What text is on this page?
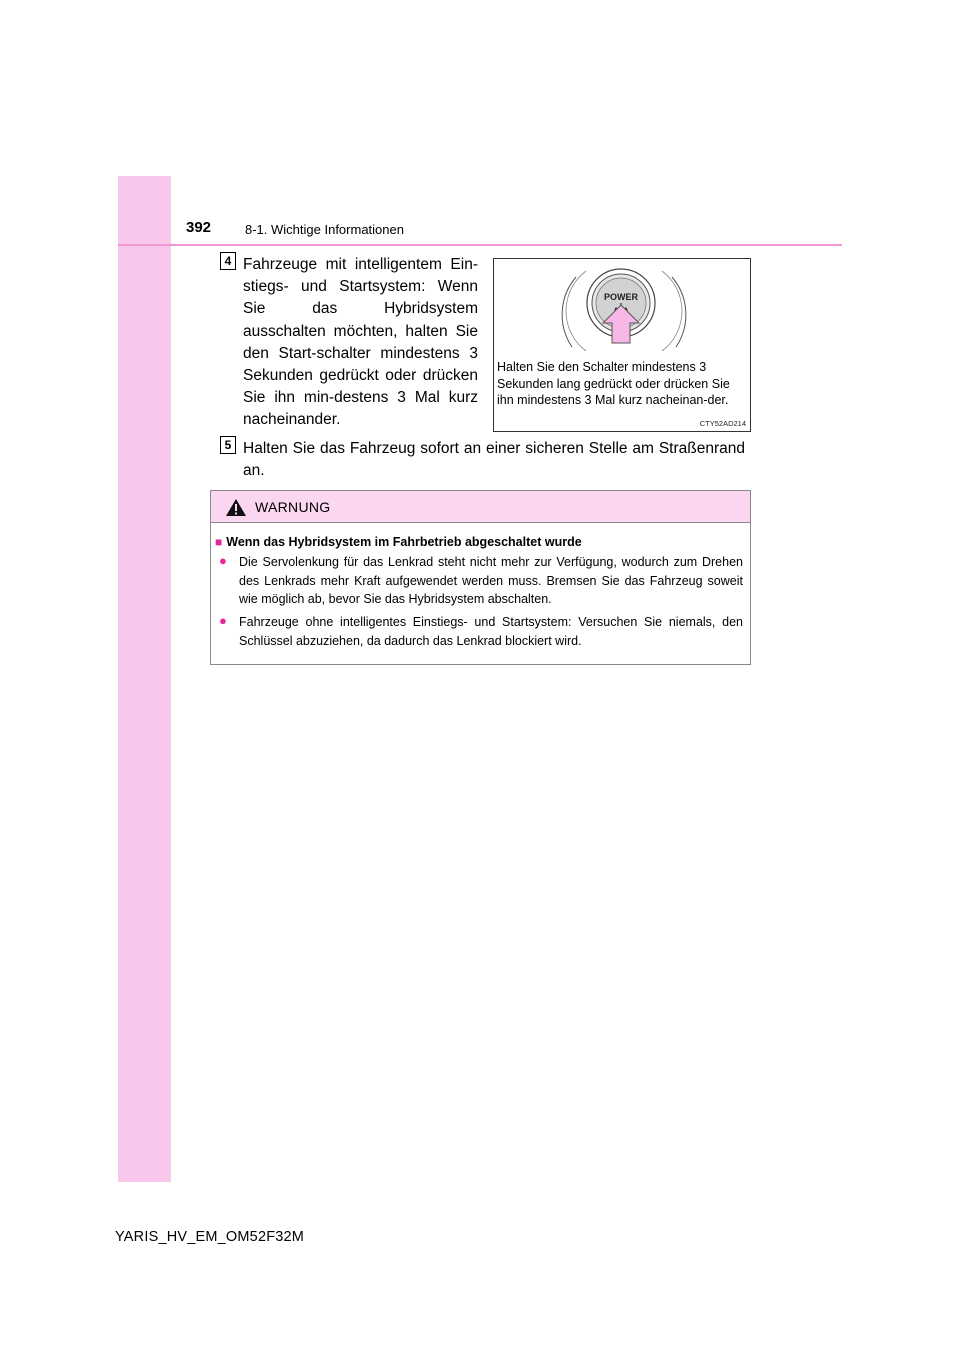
392	8-1. Wichtige Informationen
4 Fahrzeuge mit intelligentem Ein-stiegs- und Startsystem: Wenn Sie das Hybridsystem ausschalten möchten, halten Sie den Start-schalter mindestens 3 Sekunden gedrückt oder drücken Sie ihn min-destens 3 Mal kurz nacheinander.

POWER

Halten Sie den Schalter mindestens 3 Sekunden lang gedrückt oder drücken Sie ihn mindestens 3 Mal kurz nacheinan-der.

CTY52AD214
5 Halten Sie das Fahrzeug sofort an einer sicheren Stelle am Straßenrand an.

WARNUNG
■ Wenn das Hybridsystem im Fahrbetrieb abgeschaltet wurde
● Die Servolenkung für das Lenkrad steht nicht mehr zur Verfügung, wodurch zum Drehen des Lenkrads mehr Kraft aufgewendet werden muss. Bremsen Sie das Fahrzeug soweit wie möglich ab, bevor Sie das Hybridsystem abschalten.

● Fahrzeuge ohne intelligentes Einstiegs- und Startsystem: Versuchen Sie niemals, den Schlüssel abzuziehen, da dadurch das Lenkrad blockiert wird.

YARIS_HV_EM_OM52F32M
